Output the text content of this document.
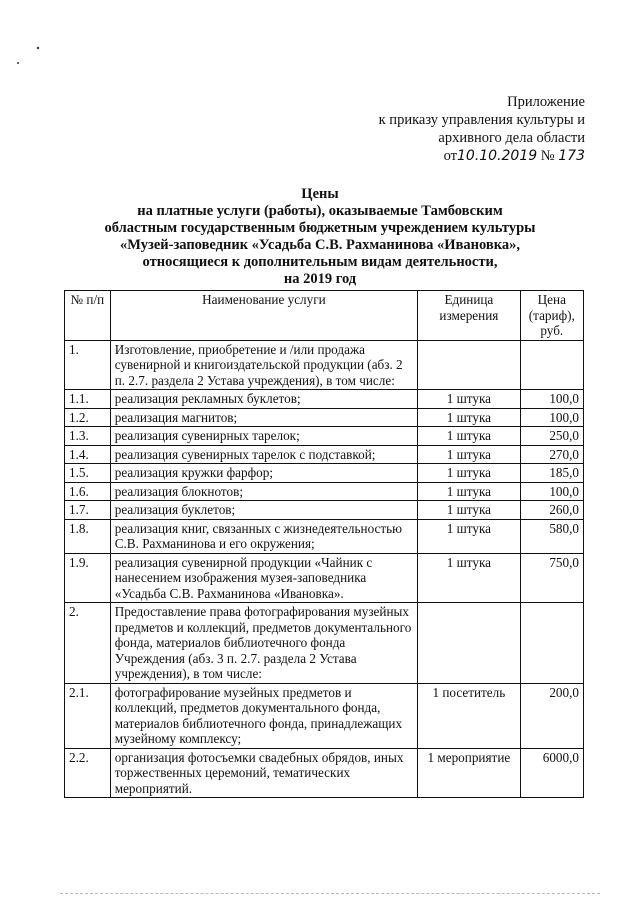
Приложение
к приказу управления культуры и
архивного дела области
от10.10.2019 № 173
Цены
на платные услуги (работы), оказываемые Тамбовским
областным государственным бюджетным учреждением культуры
«Музей-заповедник «Усадьба С.В. Рахманинова «Ивановка»,
относящиеся к дополнительным видам деятельности,
на 2019 год
№ п/п	Наименование услуги	Единица измерения	Цена (тариф), руб.
1.	Изготовление, приобретение и /или продажа сувенирной и книгоиздательской продукции (абз. 2 п. 2.7. раздела 2 Устава учреждения), в том числе:		
1.1.	реализация рекламных буклетов;	1 штука	100,0
1.2.	реализация магнитов;	1 штука	100,0
1.3.	реализация сувенирных тарелок;	1 штука	250,0
1.4.	реализация сувенирных тарелок с подставкой;	1 штука	270,0
1.5.	реализация кружки фарфор;	1 штука	185,0
1.6.	реализация блокнотов;	1 штука	100,0
1.7.	реализация буклетов;	1 штука	260,0
1.8.	реализация книг, связанных с жизнедеятельностью С.В. Рахманинова и его окружения;	1 штука	580,0
1.9.	реализация сувенирной продукции «Чайник с нанесением изображения музея-заповедника «Усадьба С.В. Рахманинова «Ивановка».	1 штука	750,0
2.	Предоставление права фотографирования музейных предметов и коллекций, предметов документального фонда, материалов библиотечного фонда Учреждения (абз. 3 п. 2.7. раздела 2 Устава учреждения), в том числе:		
2.1.	фотографирование музейных предметов и коллекций, предметов документального фонда, материалов библиотечного фонда, принадлежащих музейному комплексу;	1 посетитель	200,0
2.2.	организация фотосъемки свадебных обрядов, иных торжественных церемоний, тематических мероприятий.	1 мероприятие	6000,0
